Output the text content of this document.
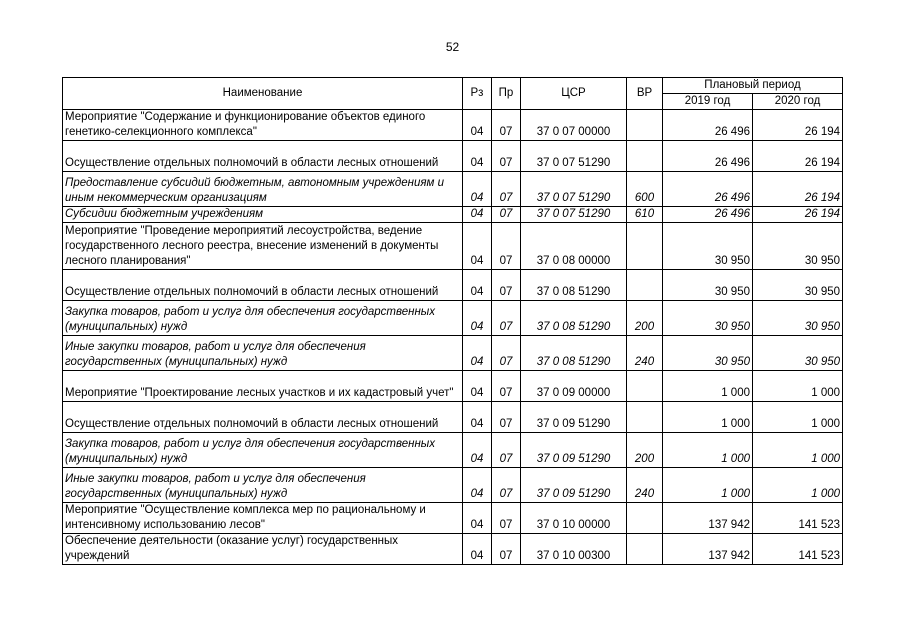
52
Наименование	Рз	Пр	ЦСР	ВР	Плановый период	
					2019 год	2020 год
Мероприятие "Содержание и функционирование объектов единого генетико-селекционного комплекса"	04	07	37 0 07 00000		26 496	26 194
Осуществление отдельных полномочий в области лесных отношений	04	07	37 0 07 51290		26 496	26 194
Предоставление субсидий бюджетным, автономным учреждениям и иным некоммерческим организациям	04	07	37 0 07 51290	600	26 496	26 194
Субсидии бюджетным учреждениям	04	07	37 0 07 51290	610	26 496	26 194
Мероприятие "Проведение мероприятий лесоустройства, ведение государственного лесного реестра, внесение изменений в документы лесного планирования"	04	07	37 0 08 00000		30 950	30 950
Осуществление отдельных полномочий в области лесных отношений	04	07	37 0 08 51290		30 950	30 950
Закупка товаров, работ и услуг для обеспечения государственных (муниципальных) нужд	04	07	37 0 08 51290	200	30 950	30 950
Иные закупки товаров, работ и услуг для обеспечения государственных (муниципальных) нужд	04	07	37 0 08 51290	240	30 950	30 950
Мероприятие "Проектирование лесных участков и их кадастровый учет"	04	07	37 0 09 00000		1 000	1 000
Осуществление отдельных полномочий в области лесных отношений	04	07	37 0 09 51290		1 000	1 000
Закупка товаров, работ и услуг для обеспечения государственных (муниципальных) нужд	04	07	37 0 09 51290	200	1 000	1 000
Иные закупки товаров, работ и услуг для обеспечения государственных (муниципальных) нужд	04	07	37 0 09 51290	240	1 000	1 000
Мероприятие "Осуществление комплекса мер по рациональному и интенсивному использованию лесов"	04	07	37 0 10 00000		137 942	141 523
Обеспечение деятельности (оказание услуг) государственных учреждений	04	07	37 0 10 00300		137 942	141 523
